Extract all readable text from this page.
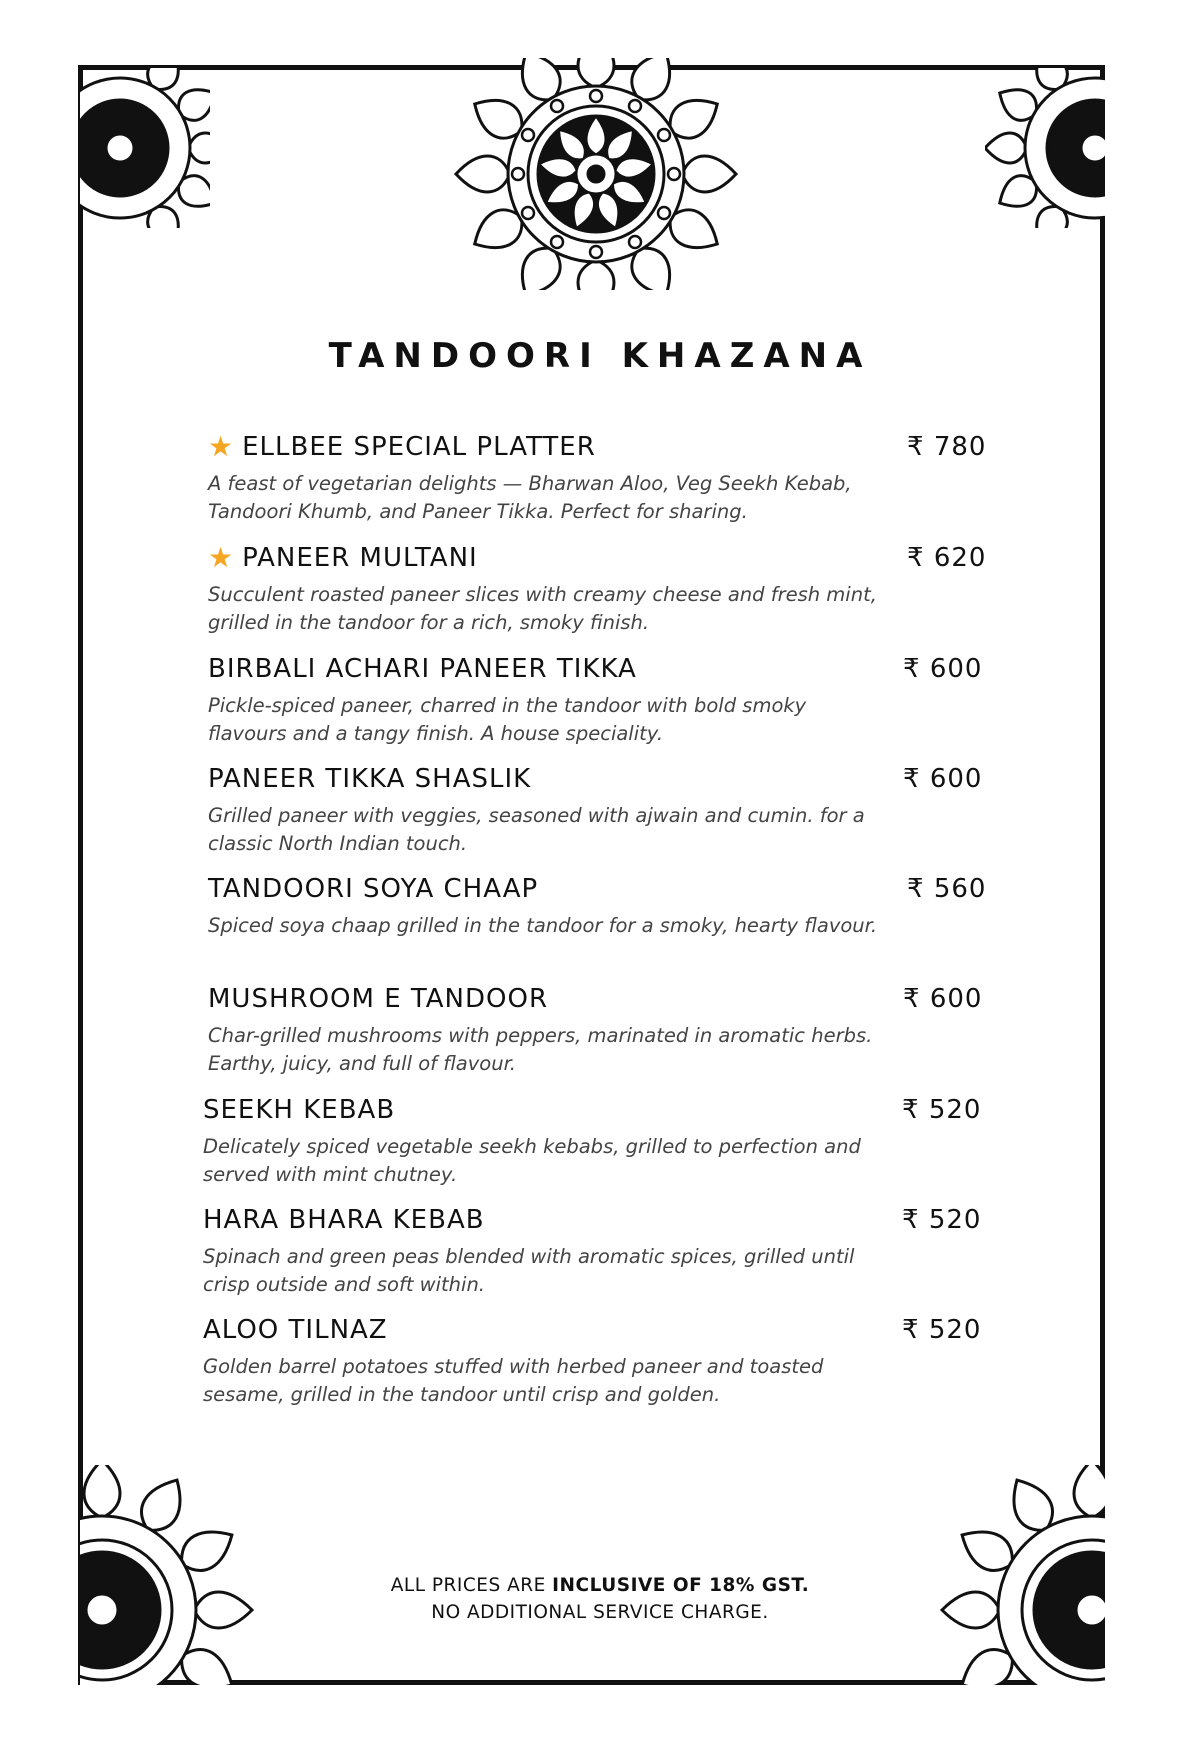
TANDOORI KHAZANA
★ ELLBEE SPECIAL PLATTER	₹ 780
A feast of vegetarian delights — Bharwan Aloo, Veg Seekh Kebab, Tandoori Khumb, and Paneer Tikka. Perfect for sharing.
★ PANEER MULTANI	₹ 620
Succulent roasted paneer slices with creamy cheese and fresh mint, grilled in the tandoor for a rich, smoky finish.
BIRBALI ACHARI PANEER TIKKA	₹ 600
Pickle-spiced paneer, charred in the tandoor with bold smoky flavours and a tangy finish. A house speciality.
PANEER TIKKA SHASLIK	₹ 600
Grilled paneer with veggies, seasoned with ajwain and cumin. for a classic North Indian touch.
TANDOORI SOYA CHAAP	₹ 560
Spiced soya chaap grilled in the tandoor for a smoky, hearty flavour.
MUSHROOM E TANDOOR	₹ 600
Char-grilled mushrooms with peppers, marinated in aromatic herbs. Earthy, juicy, and full of flavour.
SEEKH KEBAB	₹ 520
Delicately spiced vegetable seekh kebabs, grilled to perfection and served with mint chutney.
HARA BHARA KEBAB	₹ 520
Spinach and green peas blended with aromatic spices, grilled until crisp outside and soft within.
ALOO TILNAZ	₹ 520
Golden barrel potatoes stuffed with herbed paneer and toasted sesame, grilled in the tandoor until crisp and golden.
ALL PRICES ARE INCLUSIVE OF 18% GST.
NO ADDITIONAL SERVICE CHARGE.
